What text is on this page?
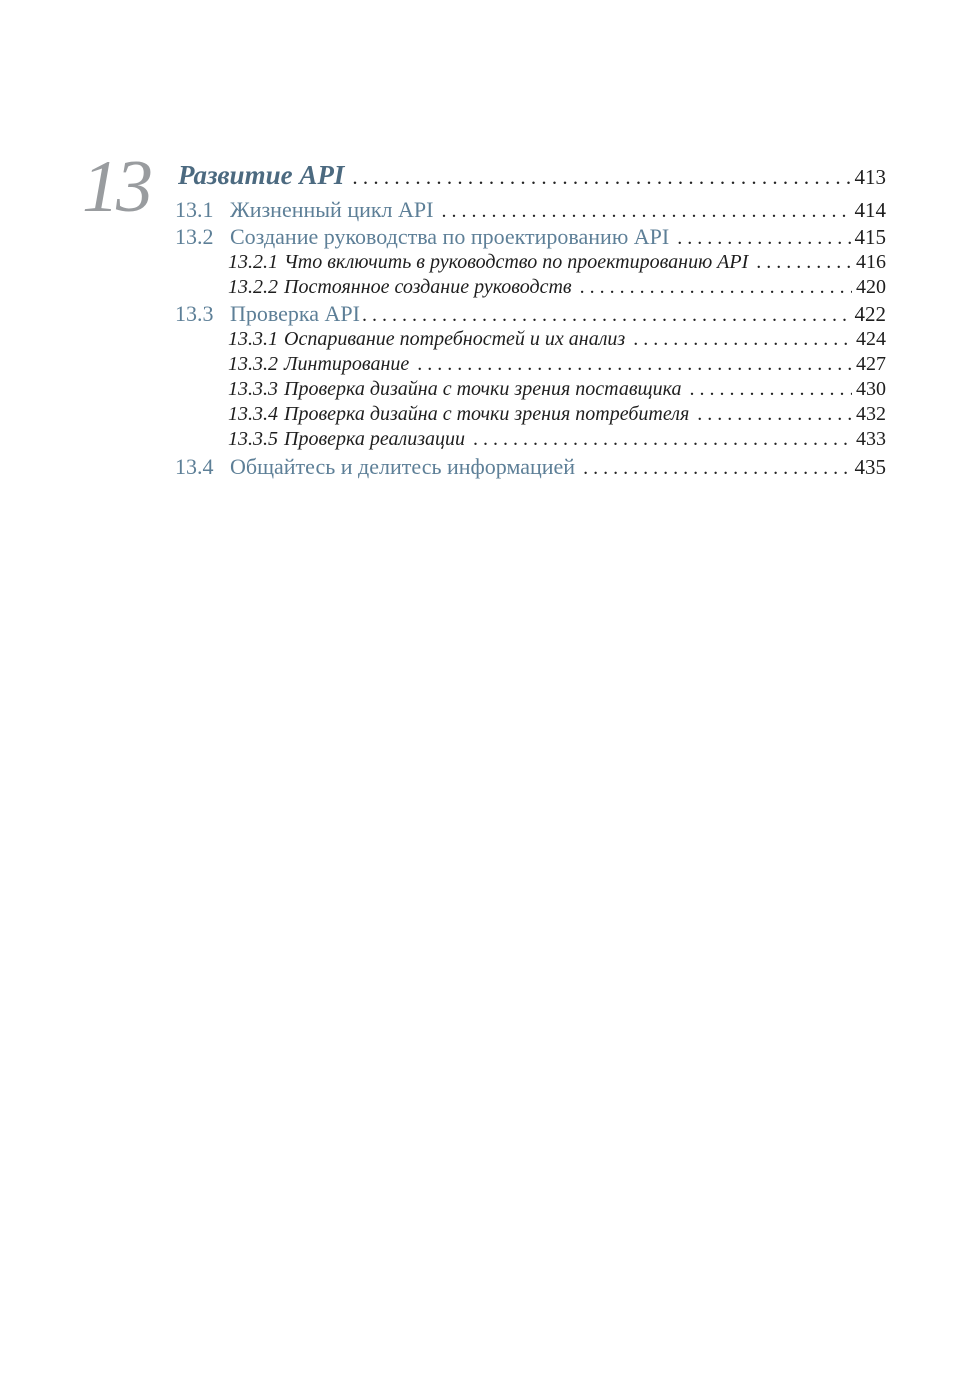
13 Развитие API . . .	413
13.1 Жизненный цикл API . . .	414
13.2 Создание руководства по проектированию API . . .	415
13.2.1 Что включить в руководство по проектированию API . . .	416
13.2.2 Постоянное создание руководств . . .	420
13.3 Проверка API . . .	422
13.3.1 Оспаривание потребностей и их анализ . . .	424
13.3.2 Линтирование . . .	427
13.3.3 Проверка дизайна с точки зрения поставщика . . .	430
13.3.4 Проверка дизайна с точки зрения потребителя . . .	432
13.3.5 Проверка реализации . . .	433
13.4 Общайтесь и делитесь информацией . . .	435
